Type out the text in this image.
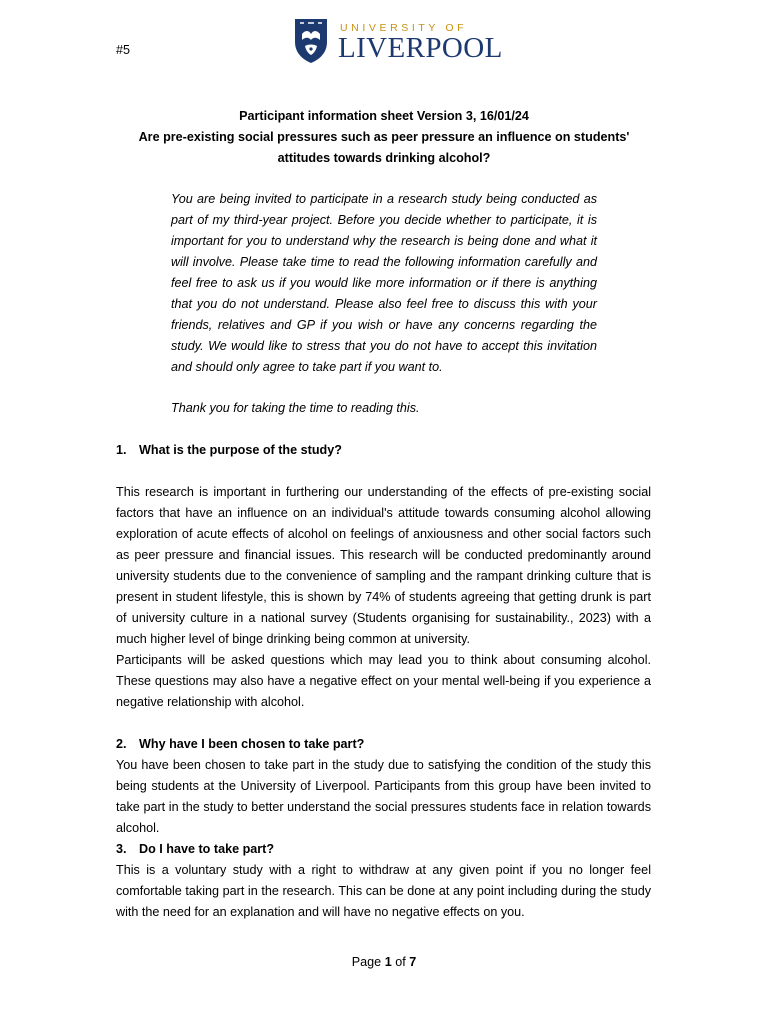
#5
UNIVERSITY OF
LIVERPOOL
Participant information sheet Version 3, 16/01/24
Are pre-existing social pressures such as peer pressure an influence on students'
attitudes towards drinking alcohol?

You are being invited to participate in a research study being conducted as part of my third-year project. Before you decide whether to participate, it is important for you to understand why the research is being done and what it will involve. Please take time to read the following information carefully and feel free to ask us if you would like more information or if there is anything that you do not understand. Please also feel free to discuss this with your friends, relatives and GP if you wish or have any concerns regarding the study. We would like to stress that you do not have to accept this invitation and should only agree to take part if you want to.

Thank you for taking the time to reading this.

1. What is the purpose of the study?

This research is important in furthering our understanding of the effects of pre-existing social factors that have an influence on an individual's attitude towards consuming alcohol allowing exploration of acute effects of alcohol on feelings of anxiousness and other social factors such as peer pressure and financial issues. This research will be conducted predominantly around university students due to the convenience of sampling and the rampant drinking culture that is present in student lifestyle, this is shown by 74% of students agreeing that getting drunk is part of university culture in a national survey (Students organising for sustainability., 2023) with a much higher level of binge drinking being common at university.

Participants will be asked questions which may lead you to think about consuming alcohol. These questions may also have a negative effect on your mental well-being if you experience a negative relationship with alcohol.

2. Why have I been chosen to take part?

You have been chosen to take part in the study due to satisfying the condition of the study this being students at the University of Liverpool. Participants from this group have been invited to take part in the study to better understand the social pressures students face in relation towards alcohol.

3. Do I have to take part?

This is a voluntary study with a right to withdraw at any given point if you no longer feel comfortable taking part in the research. This can be done at any point including during the study with the need for an explanation and will have no negative effects on you.

Page 1 of 7
